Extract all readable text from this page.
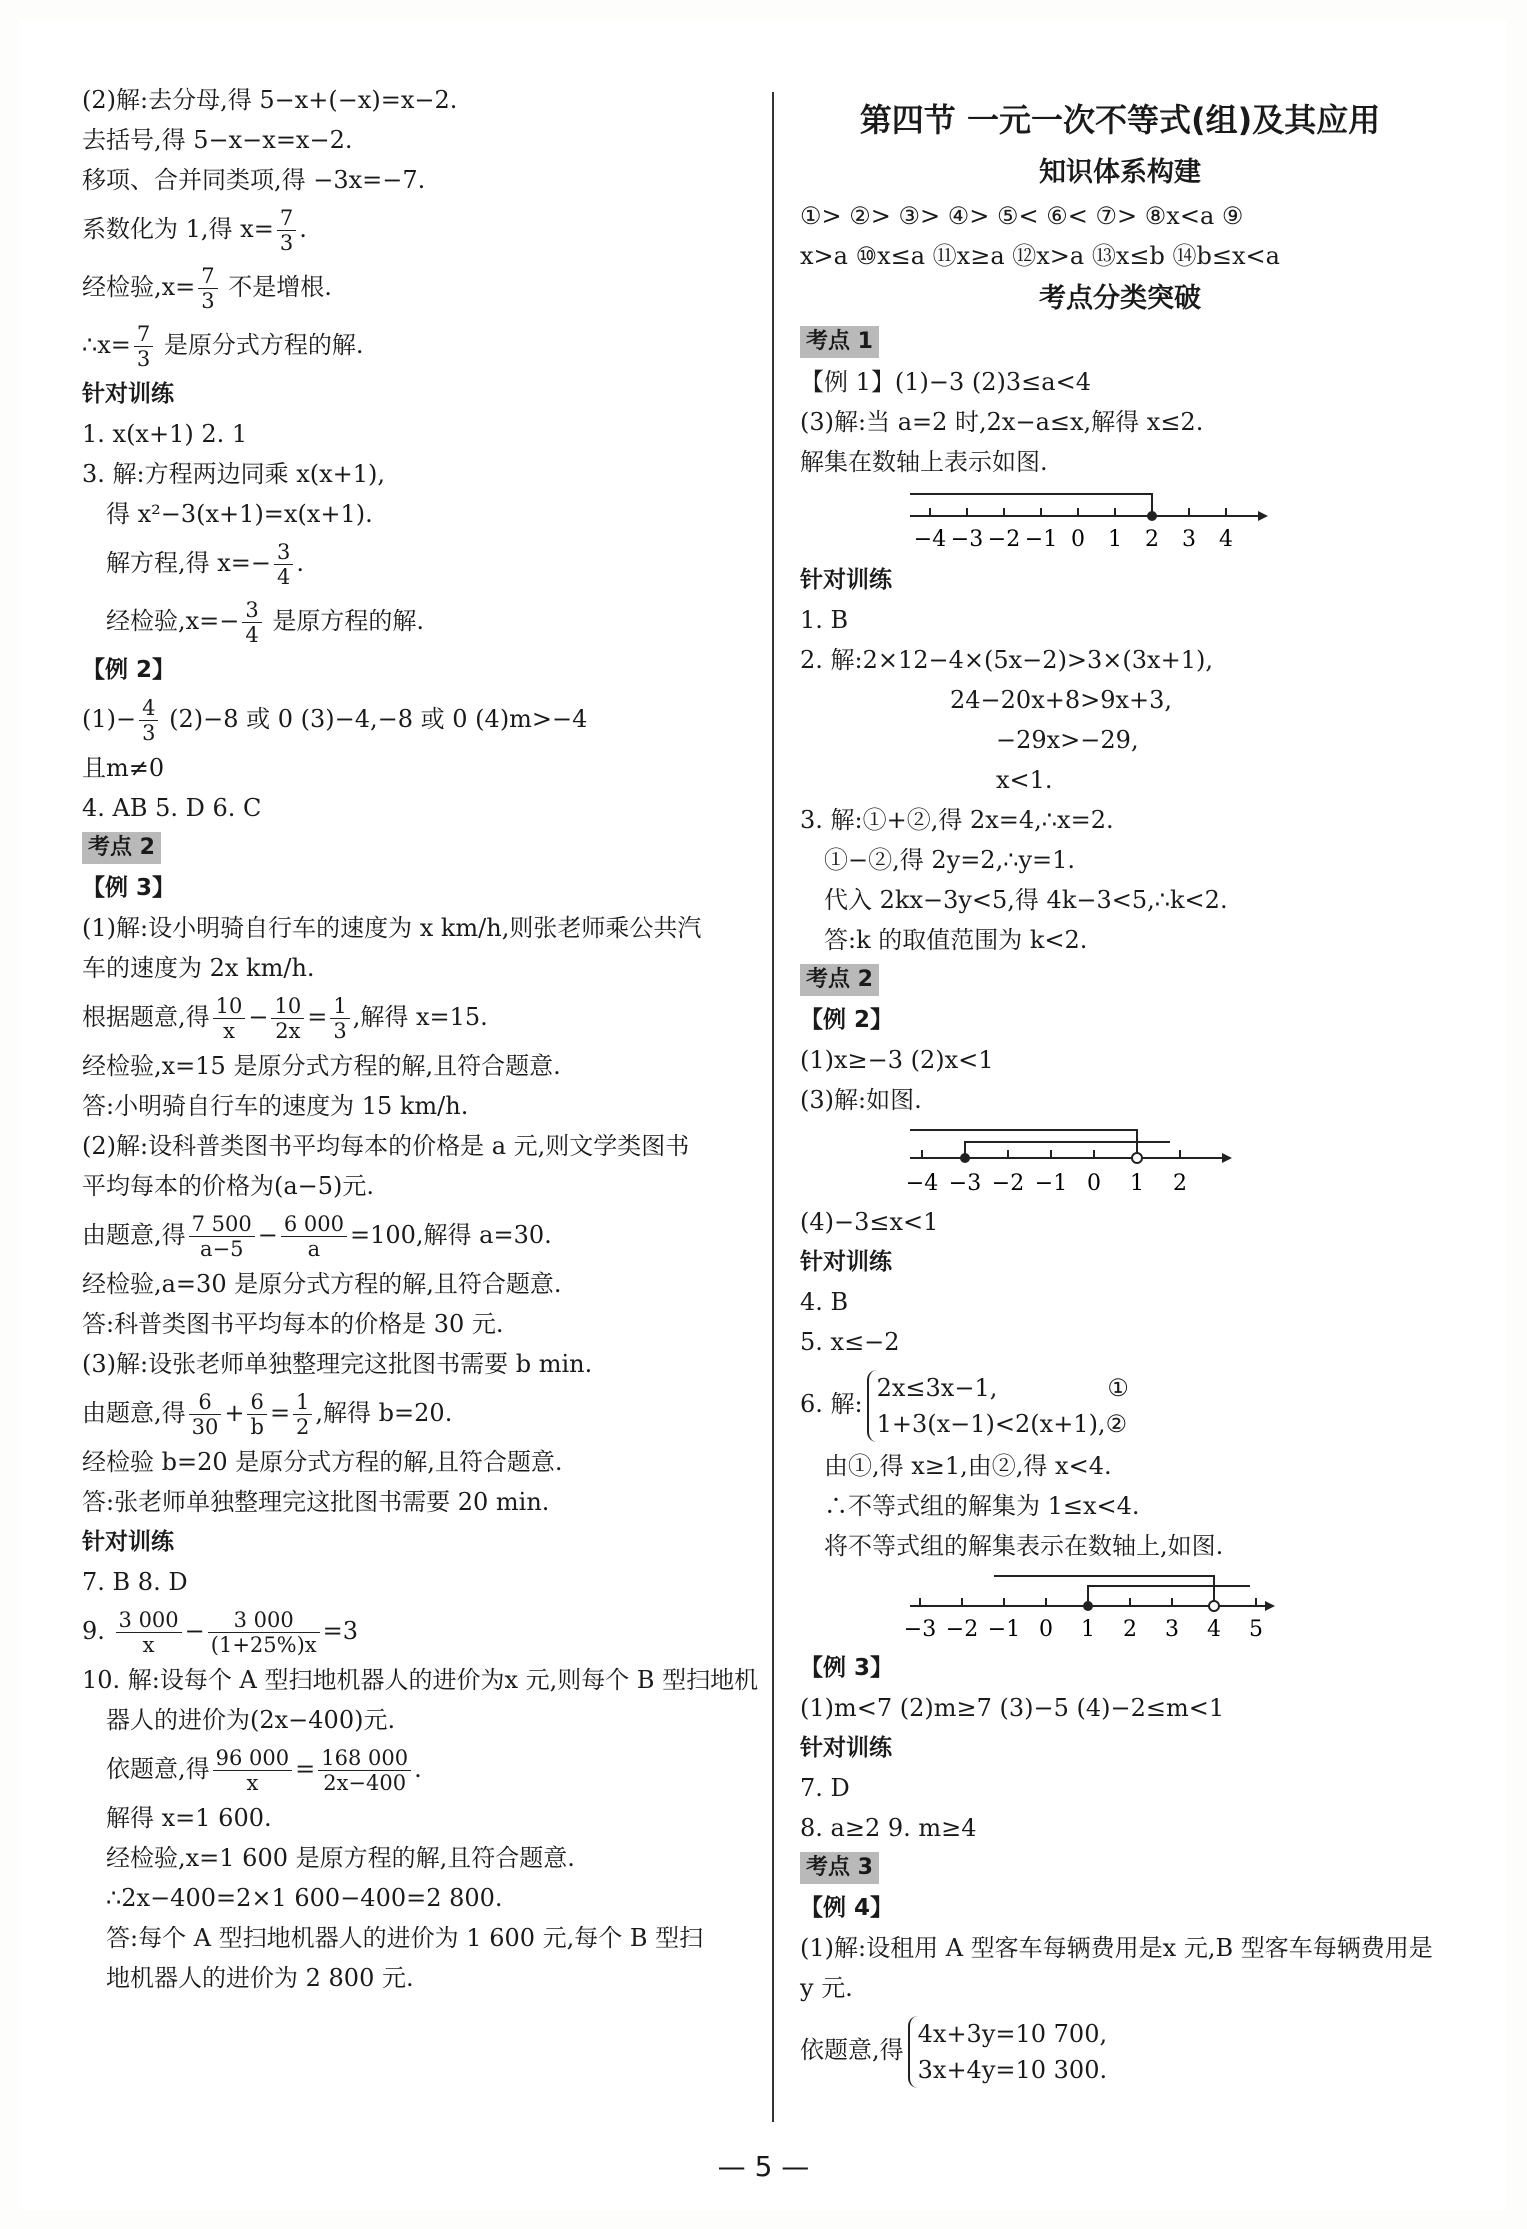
(2)解:去分母,得 5−x+(−x)=x−2.
去括号,得 5−x−x=x−2.
移项、合并同类项,得 −3x=−7.
系数化为 1,得 $x= \frac{7}{3}$ .
经检验$,x= \frac{7}{3}$ 不是增根.
∴x= $\frac{7}{3}$ 是原分式方程的解.
针对训练
1. x(x+1) 2. 1
3. 解:方程两边同乘 x(x+1),
得 x²−3(x+1)=x(x+1).
解方程,得 $x=- \frac{3}{4}$ .
经检验$,x=- \frac{3}{4}$ 是原方程的解.
【例 2】
$(1)- \frac{4}{3} (2)-8$ 或 0 (3)−4,−8 或 0 (4)m>−4
且m≠0
4. AB 5. D 6. C
考点 2
【例 3】
(1)解:设小明骑自行车的速度为 x km/h,则张老师乘公共汽
车的速度为 2x km/h.
根据题意,得 $\frac{10}{x} - \frac{10}{2x} = \frac{1}{3}$ ,解得 x=15.
经检验,x=15 是原分式方程的解,且符合题意.
答:小明骑自行车的速度为 15 km/h.
(2)解:设科普类图书平均每本的价格是 a 元,则文学类图书
平均每本的价格为(a−5)元.
由题意,得 $\frac{7 500}{a-5} - \frac{6 000}{a} =100$,解得 a=30.
经检验,a=30 是原分式方程的解,且符合题意.
答:科普类图书平均每本的价格是 30 元.
(3)解:设张老师单独整理完这批图书需要 b min.
由题意,得 $\frac{6}{30} + \frac{6}{b} = \frac{1}{2}$ ,解得 b=20.
经检验 b=20 是原分式方程的解,且符合题意.
答:张老师单独整理完这批图书需要 20 min.
针对训练
7. B 8. D
9. $\frac{3 000}{x} - \frac{3 000}{(1+25\%)x} =3$
10. 解:设每个 A 型扫地机器人的进价为x 元,则每个 B 型扫地机
器人的进价为(2x−400)元.
依题意,得 $\frac{96 000}{x} = \frac{168 000}{2x-400}$ .
解得 x=1 600.
经检验,x=1 600 是原方程的解,且符合题意.
∴2x−400=2×1 600−400=2 800.
答:每个 A 型扫地机器人的进价为 1 600 元,每个 B 型扫
地机器人的进价为 2 800 元.
第四节 一元一次不等式(组)及其应用
知识体系构建
①> ②> ③> ④> ⑤< ⑥< ⑦> ⑧x<a ⑨
x>a ⑩x≤a ⑪x≥a ⑫x>a ⑬x≤b ⑭b≤x<a
考点分类突破
考点 1
【例 1】(1)−3 (2)3≤a<4
(3)解:当 a=2 时,2x−a≤x,解得 x≤2.
解集在数轴上表示如图.
−4 −3 −2 −1 0 1 2 3 4
针对训练
1. B
2. 解:2×12−4×(5x−2)>3×(3x+1),
24−20x+8>9x+3,
−29x>−29,
x<1.
3. 解:①+②,得 2x=4,∴x=2.
①−②,得 2y=2,∴y=1.
代入 2kx−3y<5,得 4k−3<5,∴k<2.
答:k 的取值范围为 k<2.
考点 2
【例 2】
(1)x≥−3 (2)x<1
(3)解:如图.
−4 −3 −2 −1 0 1 2
(4)−3≤x<1
针对训练
4. B
5. x≤−2
6. 解:
2x≤3x−1,	①
1+3(x−1)<2(x+1),②
由①,得 x≥1,由②,得 x<4.
∴不等式组的解集为 1≤x<4.
将不等式组的解集表示在数轴上,如图.
−3 −2 −1 0 1 2 3 4 5
【例 3】
(1)m<7 (2)m≥7 (3)−5 (4)−2≤m<1
针对训练
7. D
8. a≥2 9. m≥4
考点 3
【例 4】
(1)解:设租用 A 型客车每辆费用是x 元,B 型客车每辆费用是
y 元.
依题意,得
4x+3y=10 700,
3x+4y=10 300.
— 5 —
